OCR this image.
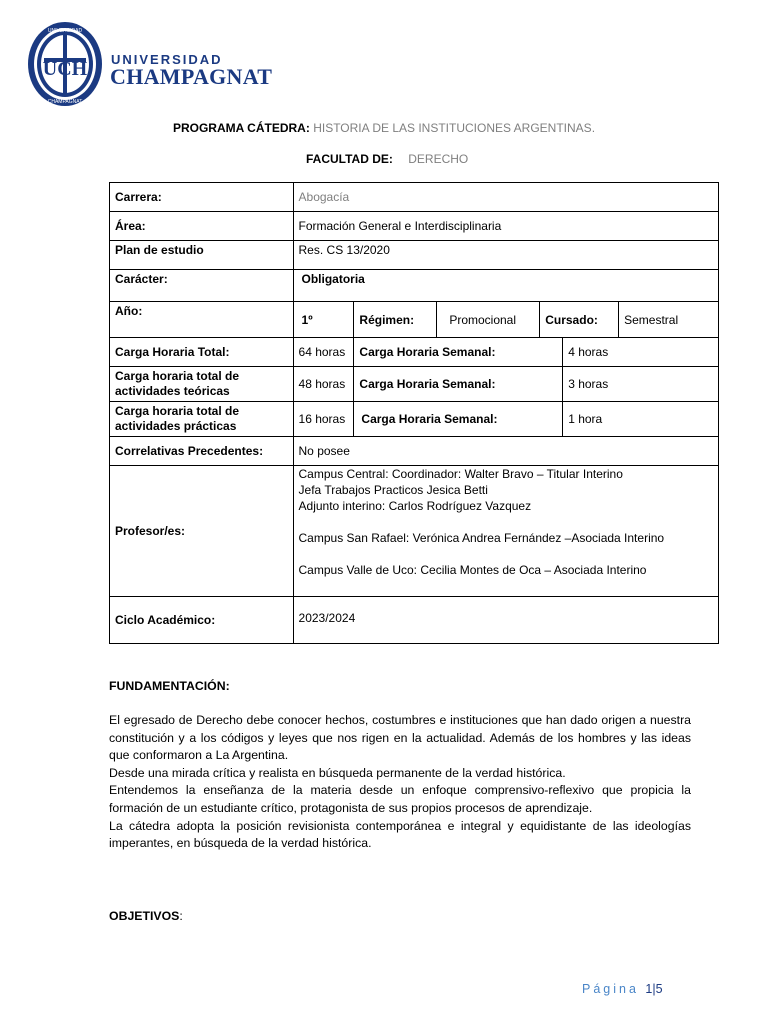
UCH
UNIVERSIDAD
CHAMPAGNAT
UNIVERSIDAD
CHAMPAGNAT
PROGRAMA CÁTEDRA: HISTORIA DE LAS INSTITUCIONES ARGENTINAS.
FACULTAD DE: DERECHO
Carrera:	Abogacía					
Área:	Formación General e Interdisciplinaria					
Plan de estudio	Res. CS 13/2020					
Carácter:	Obligatoria					
Año:	1º	Régimen:	Promocional	Cursado:		Semestral
Carga Horaria Total:	64 horas	Carga Horaria Semanal:			4 horas	
Carga horaria total de actividades teóricas	48 horas	Carga Horaria Semanal:			3 horas	
Carga horaria total de actividades prácticas	16 horas	Carga Horaria Semanal:			1 hora	
Correlativas Precedentes:	No posee					
Profesor/es:	Campus Central: Coordinador: Walter Bravo – Titular Interino

Jefa Trabajos Practicos Jesica Betti

Adjunto interino: Carlos Rodríguez Vazquez

Campus San Rafael: Verónica Andrea Fernández –Asociada Interino

Campus Valle de Uco: Cecilia Montes de Oca – Asociada Interino					

Ciclo Académico:	2023/2024					
FUNDAMENTACIÓN:

El egresado de Derecho debe conocer hechos, costumbres e instituciones que han dado origen a nuestra constitución y a los códigos y leyes que nos rigen en la actualidad. Además de los hombres y las ideas que conformaron a La Argentina.

Desde una mirada crítica y realista en búsqueda permanente de la verdad histórica.

Entendemos la enseñanza de la materia desde un enfoque comprensivo-reflexivo que propicia la formación de un estudiante crítico, protagonista de sus propios procesos de aprendizaje.

La cátedra adopta la posición revisionista contemporánea e integral y equidistante de las ideologías imperantes, en búsqueda de la verdad histórica.

OBJETIVOS:
Página 1|5
